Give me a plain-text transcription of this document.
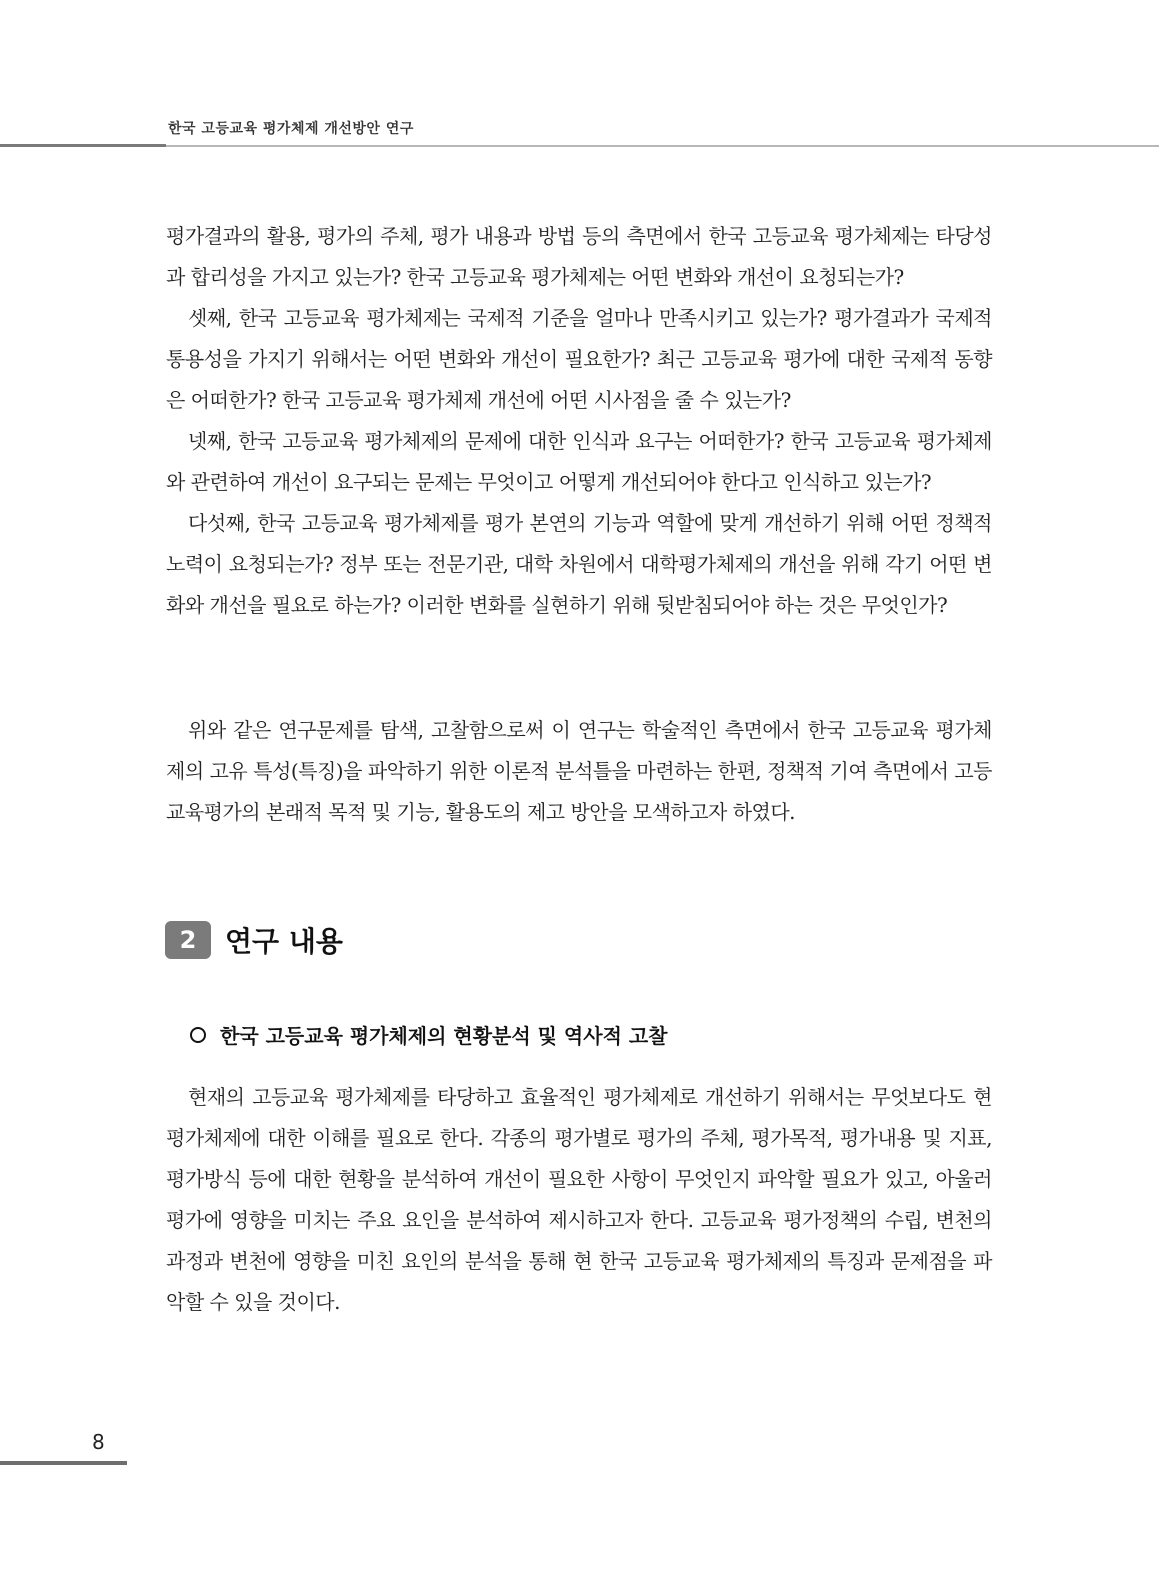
한국 고등교육 평가체제 개선방안 연구

평가결과의 활용, 평가의 주체, 평가 내용과 방법 등의 측면에서 한국 고등교육 평가체제는 타당성과 합리성을 가지고 있는가? 한국 고등교육 평가체제는 어떤 변화와 개선이 요청되는가?

셋째, 한국 고등교육 평가체제는 국제적 기준을 얼마나 만족시키고 있는가? 평가결과가 국제적 통용성을 가지기 위해서는 어떤 변화와 개선이 필요한가? 최근 고등교육 평가에 대한 국제적 동향은 어떠한가? 한국 고등교육 평가체제 개선에 어떤 시사점을 줄 수 있는가?

넷째, 한국 고등교육 평가체제의 문제에 대한 인식과 요구는 어떠한가? 한국 고등교육 평가체제와 관련하여 개선이 요구되는 문제는 무엇이고 어떻게 개선되어야 한다고 인식하고 있는가?

다섯째, 한국 고등교육 평가체제를 평가 본연의 기능과 역할에 맞게 개선하기 위해 어떤 정책적 노력이 요청되는가? 정부 또는 전문기관, 대학 차원에서 대학평가체제의 개선을 위해 각기 어떤 변화와 개선을 필요로 하는가? 이러한 변화를 실현하기 위해 뒷받침되어야 하는 것은 무엇인가?

위와 같은 연구문제를 탐색, 고찰함으로써 이 연구는 학술적인 측면에서 한국 고등교육 평가체제의 고유 특성(특징)을 파악하기 위한 이론적 분석틀을 마련하는 한편, 정책적 기여 측면에서 고등교육평가의 본래적 목적 및 기능, 활용도의 제고 방안을 모색하고자 하였다.

2	연구 내용
한국 고등교육 평가체제의 현황분석 및 역사적 고찰

현재의 고등교육 평가체제를 타당하고 효율적인 평가체제로 개선하기 위해서는 무엇보다도 현 평가체제에 대한 이해를 필요로 한다. 각종의 평가별로 평가의 주체, 평가목적, 평가내용 및 지표, 평가방식 등에 대한 현황을 분석하여 개선이 필요한 사항이 무엇인지 파악할 필요가 있고, 아울러 평가에 영향을 미치는 주요 요인을 분석하여 제시하고자 한다. 고등교육 평가정책의 수립, 변천의 과정과 변천에 영향을 미친 요인의 분석을 통해 현 한국 고등교육 평가체제의 특징과 문제점을 파악할 수 있을 것이다.

8
